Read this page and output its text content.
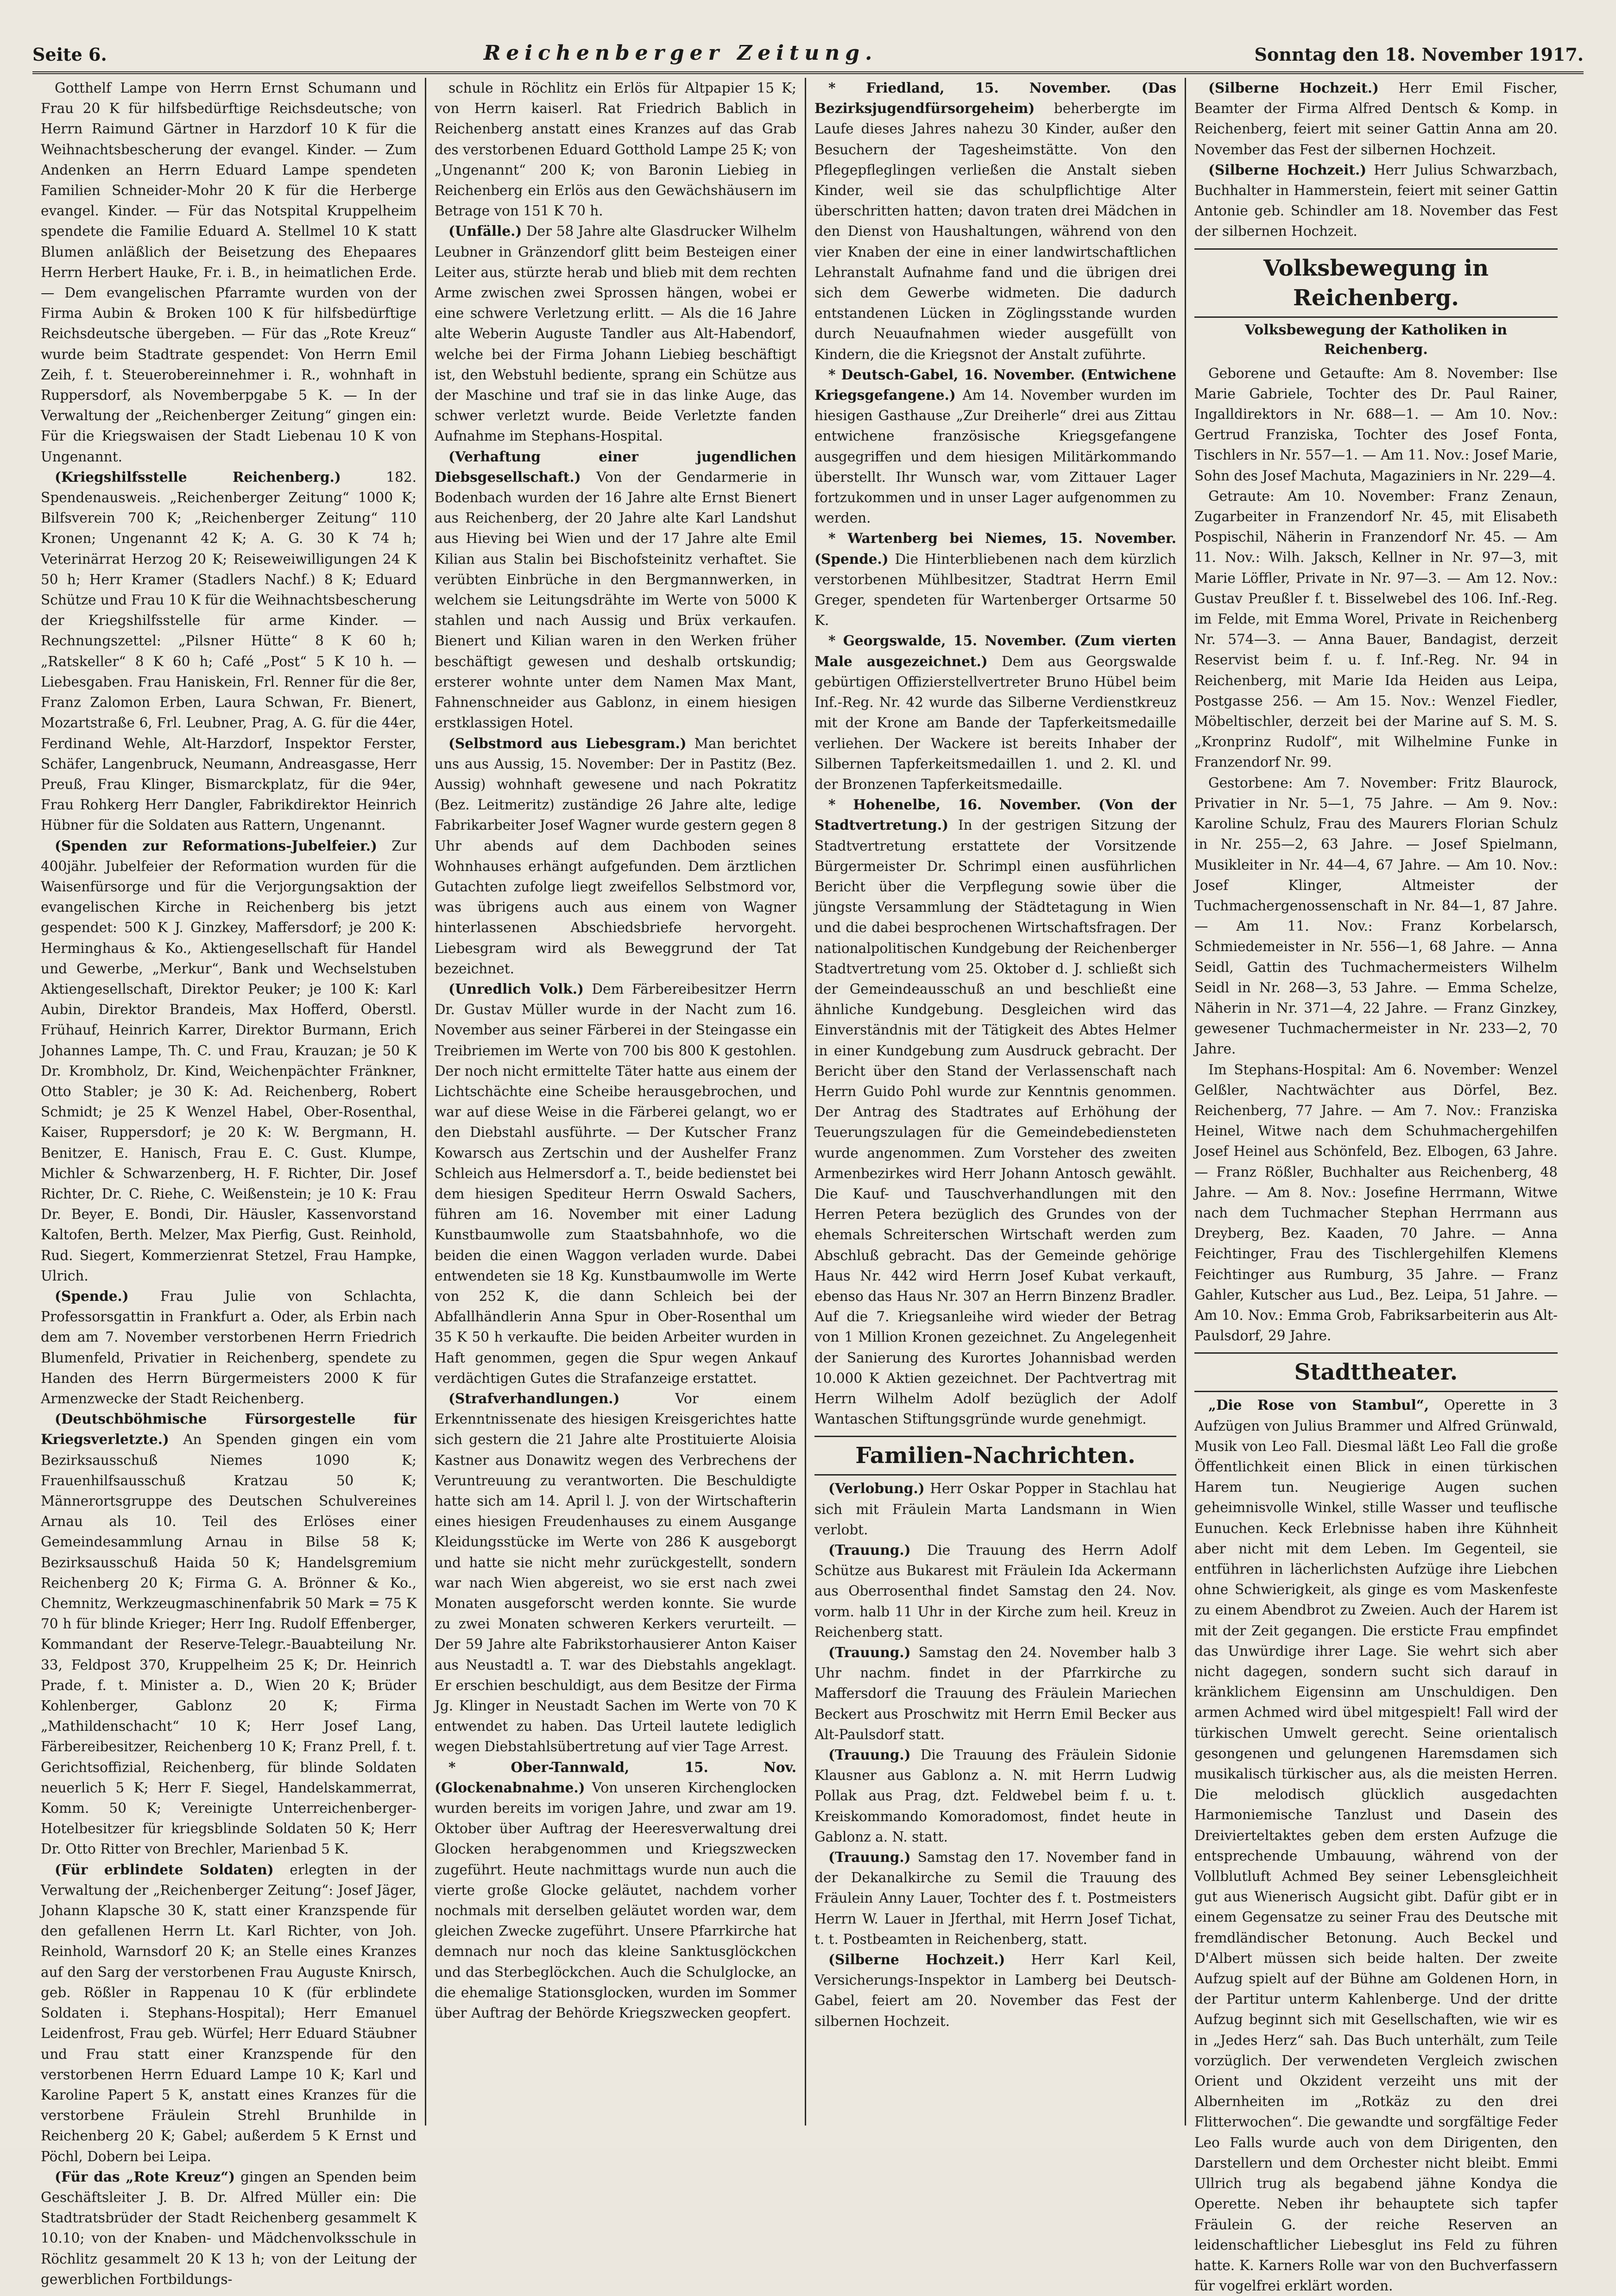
Seite 6.	Reichenberger Zeitung.	Sonntag den 18. November 1917.

Gotthelf Lampe von Herrn Ernst Schumann und Frau 20 K für hilfsbedürftige Reichsdeutsche; von Herrn Raimund Gärtner in Harzdorf 10 K für die Weihnachtsbescherung der evangel. Kinder. — Zum Andenken an Herrn Eduard Lampe spendeten Familien Schneider-Mohr 20 K für die Herberge evangel. Kinder. — Für das Notspital Kruppelheim spendete die Familie Eduard A. Stellmel 10 K statt Blumen anläßlich der Beisetzung des Ehepaares Herrn Herbert Hauke, Fr. i. B., in heimatlichen Erde. — Dem evangelischen Pfarramte wurden von der Firma Aubin & Broken 100 K für hilfsbedürftige Reichsdeutsche übergeben. — Für das „Rote Kreuz“ wurde beim Stadtrate gespendet: Von Herrn Emil Zeih, f. t. Steuerobereinnehmer i. R., wohnhaft in Ruppersdorf, als Novemberpgabe 5 K. — In der Verwaltung der „Reichenberger Zeitung“ gingen ein: Für die Kriegswaisen der Stadt Liebenau 10 K von Ungenannt.

(Kriegshilfsstelle Reichenberg.)	182. Spendenausweis. „Reichenberger Zeitung“ 1000 K; Bilfsverein 700 K; „Reichenberger Zeitung“ 110 Kronen; Ungenannt 42 K; A. G. 30 K 74 h; Veterinärrat Herzog 20 K; Reiseweiwilligungen 24 K 50 h; Herr Kramer (Stadlers Nachf.) 8 K; Eduard Schütze und Frau 10 K für die Weihnachtsbescherung der Kriegshilfsstelle für arme Kinder. — Rechnungszettel: „Pilsner Hütte“ 8 K 60 h; „Ratskeller“ 8 K 60 h; Café „Post“ 5 K 10 h. — Liebesgaben. Frau Haniskein, Frl. Renner für die 8er, Franz Zalomon Erben, Laura Schwan, Fr. Bienert, Mozartstraße 6, Frl. Leubner, Prag, A. G. für die 44er, Ferdinand Wehle, Alt-Harzdorf, Inspektor Ferster, Schäfer, Langenbruck, Neumann, Andreasgasse, Herr Preuß, Frau Klinger, Bismarckplatz, für die 94er, Frau Rohkerg Herr Dangler, Fabrikdirektor Heinrich Hübner für die Soldaten aus Rattern, Ungenannt.

(Spenden zur Reformations-Jubelfeier.) Zur 400jähr. Jubelfeier der Reformation wurden für die Waisenfürsorge und für die Verjorgungsaktion der evangelischen Kirche in Reichenberg bis jetzt gespendet: 500 K J. Ginzkey, Maffersdorf; je 200 K: Herminghaus & Ko., Aktiengesellschaft für Handel und Gewerbe, „Merkur“, Bank und Wechselstuben Aktiengesellschaft, Direktor Peuker; je 100 K: Karl Aubin, Direktor Brandeis, Max Hofferd, Oberstl. Frühauf, Heinrich Karrer, Direktor Burmann, Erich Johannes Lampe, Th. C. und Frau, Krauzan; je 50 K Dr. Krombholz, Dr. Kind, Weichenpächter Fränkner, Otto Stabler; je 30 K: Ad. Reichenberg, Robert Schmidt; je 25 K Wenzel Habel, Ober-Rosenthal, Kaiser, Ruppersdorf; je 20 K: W. Bergmann, H. Benitzer, E. Hanisch, Frau E. C. Gust. Klumpe, Michler & Schwarzenberg, H. F. Richter, Dir. Josef Richter, Dr. C. Riehe, C. Weißenstein; je 10 K: Frau Dr. Beyer, E. Bondi, Dir. Häusler, Kassenvorstand Kaltofen, Berth. Melzer, Max Pierfig, Gust. Reinhold, Rud. Siegert, Kommerzienrat Stetzel, Frau Hampke, Ulrich.

(Spende.) Frau Julie von Schlachta, Professorsgattin in Frankfurt a. Oder, als Erbin nach dem am 7. November verstorbenen Herrn Friedrich Blumenfeld, Privatier in Reichenberg, spendete zu Handen des Herrn Bürgermeisters 2000 K für Armenzwecke der Stadt Reichenberg.

(Deutschböhmische Fürsorgestelle für Kriegsverletzte.) An Spenden gingen ein vom Bezirksausschuß Niemes 1090 K; Frauenhilfsausschuß Kratzau 50 K; Männerortsgruppe des Deutschen Schulvereines Arnau als 10. Teil des Erlöses einer Gemeindesammlung Arnau in Bilse 58 K; Bezirksausschuß Haida 50 K; Handelsgremium Reichenberg 20 K; Firma G. A. Brönner & Ko., Chemnitz, Werkzeugmaschinenfabrik 50 Mark = 75 K 70 h für blinde Krieger; Herr Ing. Rudolf Effenberger, Kommandant der Reserve-Telegr.-Bauabteilung Nr. 33, Feldpost 370, Kruppelheim 25 K; Dr. Heinrich Prade, f. t. Minister a. D., Wien 20 K; Brüder Kohlenberger, Gablonz 20 K; Firma „Mathildenschacht“ 10 K; Herr Josef Lang, Färbereibesitzer, Reichenberg 10 K; Franz Prell, f. t. Gerichtsoffizial, Reichenberg, für blinde Soldaten neuerlich 5 K; Herr F. Siegel, Handelskammerrat, Komm. 50 K; Vereinigte Unterreichenberger-Hotelbesitzer für kriegsblinde Soldaten 50 K; Herr Dr. Otto Ritter von Brechler, Marienbad 5 K.

(Für erblindete Soldaten) erlegten in der Verwaltung der „Reichenberger Zeitung“: Josef Jäger, Johann Klapsche 30 K, statt einer Kranzspende für den gefallenen Herrn Lt. Karl Richter, von Joh. Reinhold, Warnsdorf 20 K; an Stelle eines Kranzes auf den Sarg der verstorbenen Frau Auguste Knirsch, geb. Rößler in Rappenau 10 K (für erblindete Soldaten i. Stephans-Hospital); Herr Emanuel Leidenfrost, Frau geb. Würfel; Herr Eduard Stäubner und Frau statt einer Kranzspende für den verstorbenen Herrn Eduard Lampe 10 K; Karl und Karoline Papert 5 K, anstatt eines Kranzes für die verstorbene Fräulein Strehl Brunhilde in Reichenberg 20 K; Gabel; außerdem 5 K Ernst und Pöchl, Dobern bei Leipa.

(Für das „Rote Kreuz“) gingen an Spenden beim Geschäftsleiter J. B. Dr. Alfred Müller ein: Die Stadtratsbrüder der Stadt Reichenberg gesammelt K 10.10; von der Knaben- und Mädchenvolksschule in Röchlitz gesammelt 20 K 13 h; von der Leitung der gewerblichen Fortbildungs-

schule in Röchlitz ein Erlös für Altpapier 15 K; von Herrn kaiserl. Rat Friedrich Bablich in Reichenberg anstatt eines Kranzes auf das Grab des verstorbenen Eduard Gotthold Lampe 25 K; von „Ungenannt“ 200 K; von Baronin Liebieg in Reichenberg ein Erlös aus den Gewächshäusern im Betrage von 151 K 70 h.

(Unfälle.) Der 58 Jahre alte Glasdrucker Wilhelm Leubner in Gränzendorf glitt beim Besteigen einer Leiter aus, stürzte herab und blieb mit dem rechten Arme zwischen zwei Sprossen hängen, wobei er eine schwere Verletzung erlitt. — Als die 16 Jahre alte Weberin Auguste Tandler aus Alt-Habendorf, welche bei der Firma Johann Liebieg beschäftigt ist, den Webstuhl bediente, sprang ein Schütze aus der Maschine und traf sie in das linke Auge, das schwer verletzt wurde. Beide Verletzte fanden Aufnahme im Stephans-Hospital.

(Verhaftung einer jugendlichen Diebsgesellschaft.) Von der Gendarmerie in Bodenbach wurden der 16 Jahre alte Ernst Bienert aus Reichenberg, der 20 Jahre alte Karl Landshut aus Hieving bei Wien und der 17 Jahre alte Emil Kilian aus Stalin bei Bischofsteinitz verhaftet. Sie verübten Einbrüche in den Bergmannwerken, in welchem sie Leitungsdrähte im Werte von 5000 K stahlen und nach Aussig und Brüx verkaufen. Bienert und Kilian waren in den Werken früher beschäftigt gewesen und deshalb ortskundig; ersterer wohnte unter dem Namen Max Mant, Fahnenschneider aus Gablonz, in einem hiesigen erstklassigen Hotel.

(Selbstmord aus Liebesgram.) Man berichtet uns aus Aussig, 15. November: Der in Pastitz (Bez. Aussig) wohnhaft gewesene und nach Pokratitz (Bez. Leitmeritz) zuständige 26 Jahre alte, ledige Fabrikarbeiter Josef Wagner wurde gestern gegen 8 Uhr abends auf dem Dachboden seines Wohnhauses erhängt aufgefunden. Dem ärztlichen Gutachten zufolge liegt zweifellos Selbstmord vor, was übrigens auch aus einem von Wagner hinterlassenen Abschiedsbriefe hervorgeht. Liebesgram wird als Beweggrund der Tat bezeichnet.

(Unredlich Volk.) Dem Färbereibesitzer Herrn Dr. Gustav Müller wurde in der Nacht zum 16. November aus seiner Färberei in der Steingasse ein Treibriemen im Werte von 700 bis 800 K gestohlen. Der noch nicht ermittelte Täter hatte aus einem der Lichtschächte eine Scheibe herausgebrochen, und war auf diese Weise in die Färberei gelangt, wo er den Diebstahl ausführte. — Der Kutscher Franz Kowarsch aus Zertschin und der Aushelfer Franz Schleich aus Helmersdorf a. T., beide bedienstet bei dem hiesigen Spediteur Herrn Oswald Sachers, führen am 16. November mit einer Ladung Kunstbaumwolle zum Staatsbahnhofe, wo die beiden die einen Waggon verladen wurde. Dabei entwendeten sie 18 Kg. Kunstbaumwolle im Werte von 252 K, die dann Schleich bei der Abfallhändlerin Anna Spur in Ober-Rosenthal um 35 K 50 h verkaufte. Die beiden Arbeiter wurden in Haft genommen, gegen die Spur wegen Ankauf verdächtigen Gutes die Strafanzeige erstattet.

(Strafverhandlungen.)	Vor einem Erkenntnissenate des hiesigen Kreisgerichtes hatte sich gestern die 21 Jahre alte Prostituierte Aloisia Kastner aus Donawitz wegen des Verbrechens der Veruntreuung zu verantworten. Die Beschuldigte hatte sich am 14. April l. J. von der Wirtschafterin eines hiesigen Freudenhauses zu einem Ausgange Kleidungsstücke im Werte von 286 K ausgeborgt und hatte sie nicht mehr zurückgestellt, sondern war nach Wien abgereist, wo sie erst nach zwei Monaten ausgeforscht werden konnte. Sie wurde zu zwei Monaten schweren Kerkers verurteilt. — Der 59 Jahre alte Fabrikstorhausierer Anton Kaiser aus Neustadtl a. T. war des Diebstahls angeklagt. Er erschien beschuldigt, aus dem Besitze der Firma Jg. Klinger in Neustadt Sachen im Werte von 70 K entwendet zu haben. Das Urteil lautete lediglich wegen Diebstahlsübertretung auf vier Tage Arrest.

* Ober-Tannwald, 15. Nov. (Glockenabnahme.) Von unseren Kirchenglocken wurden bereits im vorigen Jahre, und zwar am 19. Oktober über Auftrag der Heeresverwaltung drei Glocken herabgenommen und Kriegszwecken zugeführt. Heute nachmittags wurde nun auch die vierte große Glocke geläutet, nachdem vorher nochmals mit derselben geläutet worden war, dem gleichen Zwecke zugeführt. Unsere Pfarrkirche hat demnach nur noch das kleine Sanktusglöckchen und das Sterbeglöckchen. Auch die Schulglocke, an die ehemalige Stationsglocken, wurden im Sommer über Auftrag der Behörde Kriegszwecken geopfert.

* Friedland, 15. November. (Das Bezirksjugendfürsorgeheim) beherbergte im Laufe dieses Jahres nahezu 30 Kinder, außer den Besuchern der Tagesheimstätte. Von den Pflegepfleglingen verließen die Anstalt sieben Kinder, weil sie das schulpflichtige Alter überschritten hatten; davon traten drei Mädchen in den Dienst von Haushaltungen, während von den vier Knaben der eine in einer landwirtschaftlichen Lehranstalt Aufnahme fand und die übrigen drei sich dem Gewerbe widmeten. Die dadurch entstandenen Lücken in Zöglingsstande wurden durch Neuaufnahmen wieder ausgefüllt von Kindern, die die Kriegsnot der Anstalt zuführte.

* Deutsch-Gabel, 16. November. (Entwichene Kriegsgefangene.) Am 14. November wurden im hiesigen Gasthause „Zur Dreiherle“ drei aus Zittau entwichene französische Kriegsgefangene ausgegriffen und dem hiesigen Militärkommando überstellt. Ihr Wunsch war, vom Zittauer Lager fortzukommen und in unser Lager aufgenommen zu werden.

* Wartenberg bei Niemes, 15. November. (Spende.) Die Hinterbliebenen nach dem kürzlich verstorbenen Mühlbesitzer, Stadtrat Herrn Emil Greger, spendeten für Wartenberger Ortsarme 50 K.

* Georgswalde, 15. November. (Zum vierten Male ausgezeichnet.) Dem aus Georgswalde gebürtigen Offizierstellvertreter Bruno Hübel beim Inf.-Reg. Nr. 42 wurde das Silberne Verdienstkreuz mit der Krone am Bande der Tapferkeitsmedaille verliehen. Der Wackere ist bereits Inhaber der Silbernen Tapferkeitsmedaillen 1. und 2. Kl. und der Bronzenen Tapferkeitsmedaille.

* Hohenelbe, 16. November. (Von der Stadtvertretung.) In der gestrigen Sitzung der Stadtvertretung erstattete der Vorsitzende Bürgermeister Dr. Schrimpl einen ausführlichen Bericht über die Verpflegung sowie über die jüngste Versammlung der Städtetagung in Wien und die dabei besprochenen Wirtschaftsfragen. Der nationalpolitischen Kundgebung der Reichenberger Stadtvertretung vom 25. Oktober d. J. schließt sich der Gemeindeausschuß an und beschließt eine ähnliche Kundgebung. Desgleichen wird das Einverständnis mit der Tätigkeit des Abtes Helmer in einer Kundgebung zum Ausdruck gebracht. Der Bericht über den Stand der Verlassenschaft nach Herrn Guido Pohl wurde zur Kenntnis genommen. Der Antrag des Stadtrates auf Erhöhung der Teuerungszulagen für die Gemeindebediensteten wurde angenommen. Zum Vorsteher des zweiten Armenbezirkes wird Herr Johann Antosch gewählt. Die Kauf- und Tauschverhandlungen mit den Herren Petera bezüglich des Grundes von der ehemals Schreiterschen Wirtschaft werden zum Abschluß gebracht. Das der Gemeinde gehörige Haus Nr. 442 wird Herrn Josef Kubat verkauft, ebenso das Haus Nr. 307 an Herrn Binzenz Bradler. Auf die 7. Kriegsanleihe wird wieder der Betrag von 1 Million Kronen gezeichnet. Zu Angelegenheit der Sanierung des Kurortes Johannisbad werden 10.000 K Aktien gezeichnet. Der Pachtvertrag mit Herrn Wilhelm Adolf bezüglich der Adolf Wantaschen Stiftungsgründe wurde genehmigt.

Familien-Nachrichten.

(Verlobung.) Herr Oskar Popper in Stachlau hat sich mit Fräulein Marta Landsmann in Wien verlobt.

(Trauung.) Die Trauung des Herrn Adolf Schütze aus Bukarest mit Fräulein Ida Ackermann aus Oberrosenthal findet Samstag den 24. Nov. vorm. halb 11 Uhr in der Kirche zum heil. Kreuz in Reichenberg statt.

(Trauung.) Samstag den 24. November halb 3 Uhr nachm. findet in der Pfarrkirche zu Maffersdorf die Trauung des Fräulein Mariechen Beckert aus Proschwitz mit Herrn Emil Becker aus Alt-Paulsdorf statt.

(Trauung.) Die Trauung des Fräulein Sidonie Klausner aus Gablonz a. N. mit Herrn Ludwig Pollak aus Prag, dzt. Feldwebel beim f. u. t. Kreiskommando Komoradomost, findet heute in Gablonz a. N. statt.

(Trauung.) Samstag den 17. November fand in der Dekanalkirche zu Semil die Trauung des Fräulein Anny Lauer, Tochter des f. t. Postmeisters Herrn W. Lauer in Jferthal, mit Herrn Josef Tichat, t. t. Postbeamten in Reichenberg, statt.

(Silberne Hochzeit.) Herr Karl Keil, Versicherungs-Inspektor in Lamberg bei Deutsch-Gabel, feiert am 20. November das Fest der silbernen Hochzeit.

(Silberne Hochzeit.) Herr Emil Fischer, Beamter der Firma Alfred Dentsch & Komp. in Reichenberg, feiert mit seiner Gattin Anna am 20. November das Fest der silbernen Hochzeit.

(Silberne Hochzeit.) Herr Julius Schwarzbach, Buchhalter in Hammerstein, feiert mit seiner Gattin Antonie geb. Schindler am 18. November das Fest der silbernen Hochzeit.

Volksbewegung in Reichenberg.
Volksbewegung der Katholiken in Reichenberg.

Geborene und Getaufte: Am 8. November: Ilse Marie Gabriele, Tochter des Dr. Paul Rainer, Ingalldirektors in Nr. 688—1. — Am 10. Nov.: Gertrud Franziska, Tochter des Josef Fonta, Tischlers in Nr. 557—1. — Am 11. Nov.: Josef Marie, Sohn des Josef Machuta, Magaziniers in Nr. 229—4.

Getraute: Am 10. November: Franz Zenaun, Zugarbeiter in Franzendorf Nr. 45, mit Elisabeth Pospischil, Näherin in Franzendorf Nr. 45. — Am 11. Nov.: Wilh. Jaksch, Kellner in Nr. 97—3, mit Marie Löffler, Private in Nr. 97—3. — Am 12. Nov.: Gustav Preußler f. t. Bisselwebel des 106. Inf.-Reg. im Felde, mit Emma Worel, Private in Reichenberg Nr. 574—3. — Anna Bauer, Bandagist, derzeit Reservist beim f. u. f. Inf.-Reg. Nr. 94 in Reichenberg, mit Marie Ida Heiden aus Leipa, Postgasse 256. — Am 15. Nov.: Wenzel Fiedler, Möbeltischler, derzeit bei der Marine auf S. M. S. „Kronprinz Rudolf“, mit Wilhelmine Funke in Franzendorf Nr. 99.

Gestorbene: Am 7. November: Fritz Blaurock, Privatier in Nr. 5—1, 75 Jahre. — Am 9. Nov.: Karoline Schulz, Frau des Maurers Florian Schulz in Nr. 255—2, 63 Jahre. — Josef Spielmann, Musikleiter in Nr. 44—4, 67 Jahre. — Am 10. Nov.: Josef Klinger, Altmeister der Tuchmachergenossenschaft in Nr. 84—1, 87 Jahre. — Am 11. Nov.: Franz Korbelarsch, Schmiedemeister in Nr. 556—1, 68 Jahre. — Anna Seidl, Gattin des Tuchmachermeisters Wilhelm Seidl in Nr. 268—3, 53 Jahre. — Emma Schelze, Näherin in Nr. 371—4, 22 Jahre. — Franz Ginzkey, gewesener Tuchmachermeister in Nr. 233—2, 70 Jahre.

Im Stephans-Hospital: Am 6. November: Wenzel Gelßler, Nachtwächter aus Dörfel, Bez. Reichenberg, 77 Jahre. — Am 7. Nov.: Franziska Heinel, Witwe nach dem Schuhmachergehilfen Josef Heinel aus Schönfeld, Bez. Elbogen, 63 Jahre. — Franz Rößler, Buchhalter aus Reichenberg, 48 Jahre. — Am 8. Nov.: Josefine Herrmann, Witwe nach dem Tuchmacher Stephan Herrmann aus Dreyberg, Bez. Kaaden, 70 Jahre. — Anna Feichtinger, Frau des Tischlergehilfen Klemens Feichtinger aus Rumburg, 35 Jahre. — Franz Gahler, Kutscher aus Lud., Bez. Leipa, 51 Jahre. — Am 10. Nov.: Emma Grob, Fabriksarbeiterin aus Alt-Paulsdorf, 29 Jahre.

Stadttheater.

„Die Rose von Stambul“, Operette in 3 Aufzügen von Julius Brammer und Alfred Grünwald, Musik von Leo Fall. Diesmal läßt Leo Fall die große Öffentlichkeit einen Blick in einen türkischen Harem tun. Neugierige Augen suchen geheimnisvolle Winkel, stille Wasser und teuflische Eunuchen. Keck Erlebnisse haben ihre Kühnheit aber nicht mit dem Leben. Im Gegenteil, sie entführen in lächerlichsten Aufzüge ihre Liebchen ohne Schwierigkeit, als ginge es vom Maskenfeste zu einem Abendbrot zu Zweien. Auch der Harem ist mit der Zeit gegangen. Die ersticte Frau empfindet das Unwürdige ihrer Lage. Sie wehrt sich aber nicht dagegen, sondern sucht sich darauf in kränklichem Eigensinn am Unschuldigen. Den armen Achmed wird übel mitgespielt! Fall wird der türkischen Umwelt gerecht. Seine orientalisch gesongenen und gelungenen Haremsdamen sich musikalisch türkischer aus, als die meisten Herren. Die melodisch glücklich ausgedachten Harmoniemische Tanzlust und Dasein des Dreivierteltaktes geben dem ersten Aufzuge die entsprechende Umbauung, während von der Vollblutluft Achmed Bey seiner Lebensgleichheit gut aus Wienerisch Augsicht gibt. Dafür gibt er in einem Gegensatze zu seiner Frau des Deutsche mit fremdländischer Betonung. Auch Beckel und D'Albert müssen sich beide halten. Der zweite Aufzug spielt auf der Bühne am Goldenen Horn, in der Partitur unterm Kahlenberge. Und der dritte Aufzug beginnt sich mit Gesellschaften, wie wir es in „Jedes Herz“ sah. Das Buch unterhält, zum Teile vorzüglich. Der verwendeten Vergleich zwischen Orient und Okzident verzeiht uns mit der Albernheiten im „Rotkäz zu den drei Flitterwochen“. Die gewandte und sorgfältige Feder Leo Falls wurde auch von dem Dirigenten, den Darstellern und dem Orchester nicht bleibt. Emmi Ullrich trug als begabend jähne Kondya die Operette. Neben ihr behauptete sich tapfer Fräulein G. der reiche Reserven an leidenschaftlicher Liebesglut ins Feld zu führen hatte. K. Karners Rolle war von den Buchverfassern für vogelfrei erklärt worden.
